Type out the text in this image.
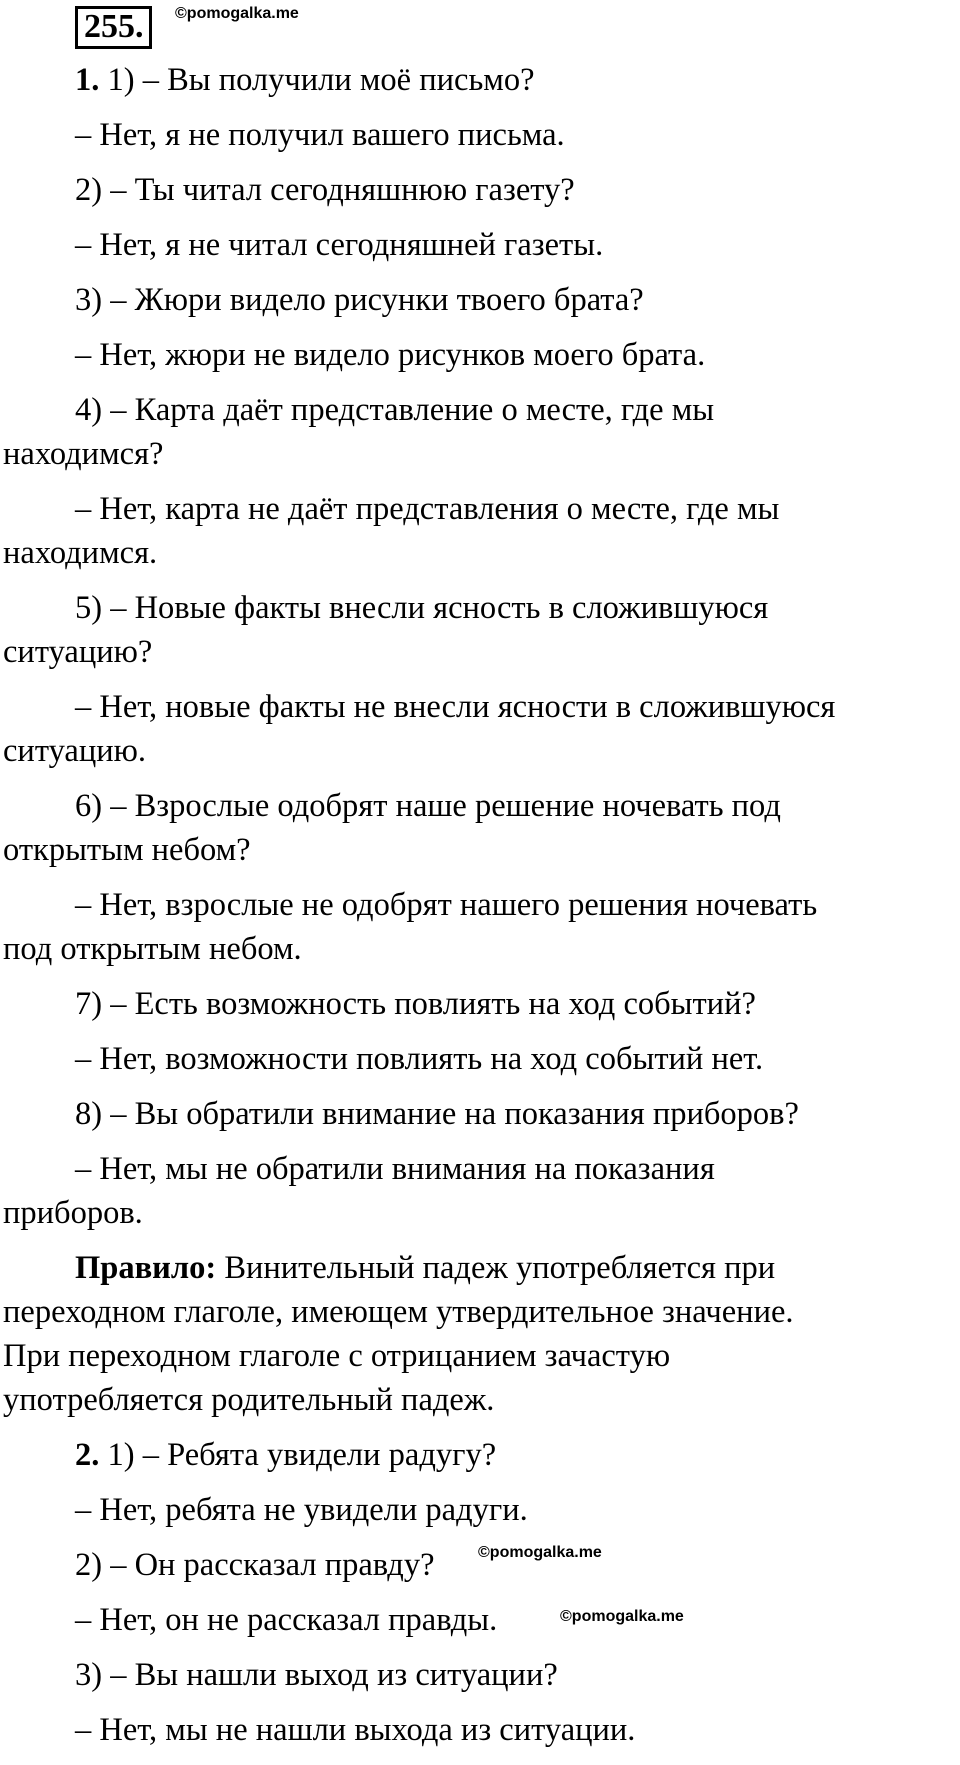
255.	©pomogalka.me
1. 1) – Вы получили моё письмо?
– Нет, я не получил вашего письма.
2) – Ты читал сегодняшнюю газету?
– Нет, я не читал сегодняшней газеты.
3) – Жюри видело рисунки твоего брата?
– Нет, жюри не видело рисунков моего брата.
4) – Карта даёт представление о месте, где мы
находимся?
– Нет, карта не даёт представления о месте, где мы
находимся.
5) – Новые факты внесли ясность в сложившуюся
ситуацию?
– Нет, новые факты не внесли ясности в сложившуюся
ситуацию.
6) – Взрослые одобрят наше решение ночевать под
открытым небом?
– Нет, взрослые не одобрят нашего решения ночевать
под открытым небом.
7) – Есть возможность повлиять на ход событий?
– Нет, возможности повлиять на ход событий нет.
8) – Вы обратили внимание на показания приборов?
– Нет, мы не обратили внимания на показания
приборов.
Правило: Винительный падеж употребляется при
переходном глаголе, имеющем утвердительное значение.
При переходном глаголе с отрицанием зачастую
употребляется родительный падеж.
2. 1) – Ребята увидели радугу?
– Нет, ребята не увидели радуги.
2) – Он рассказал правду?
– Нет, он не рассказал правды.
3) – Вы нашли выход из ситуации?
– Нет, мы не нашли выхода из ситуации.
©pomogalka.me
©pomogalka.me
